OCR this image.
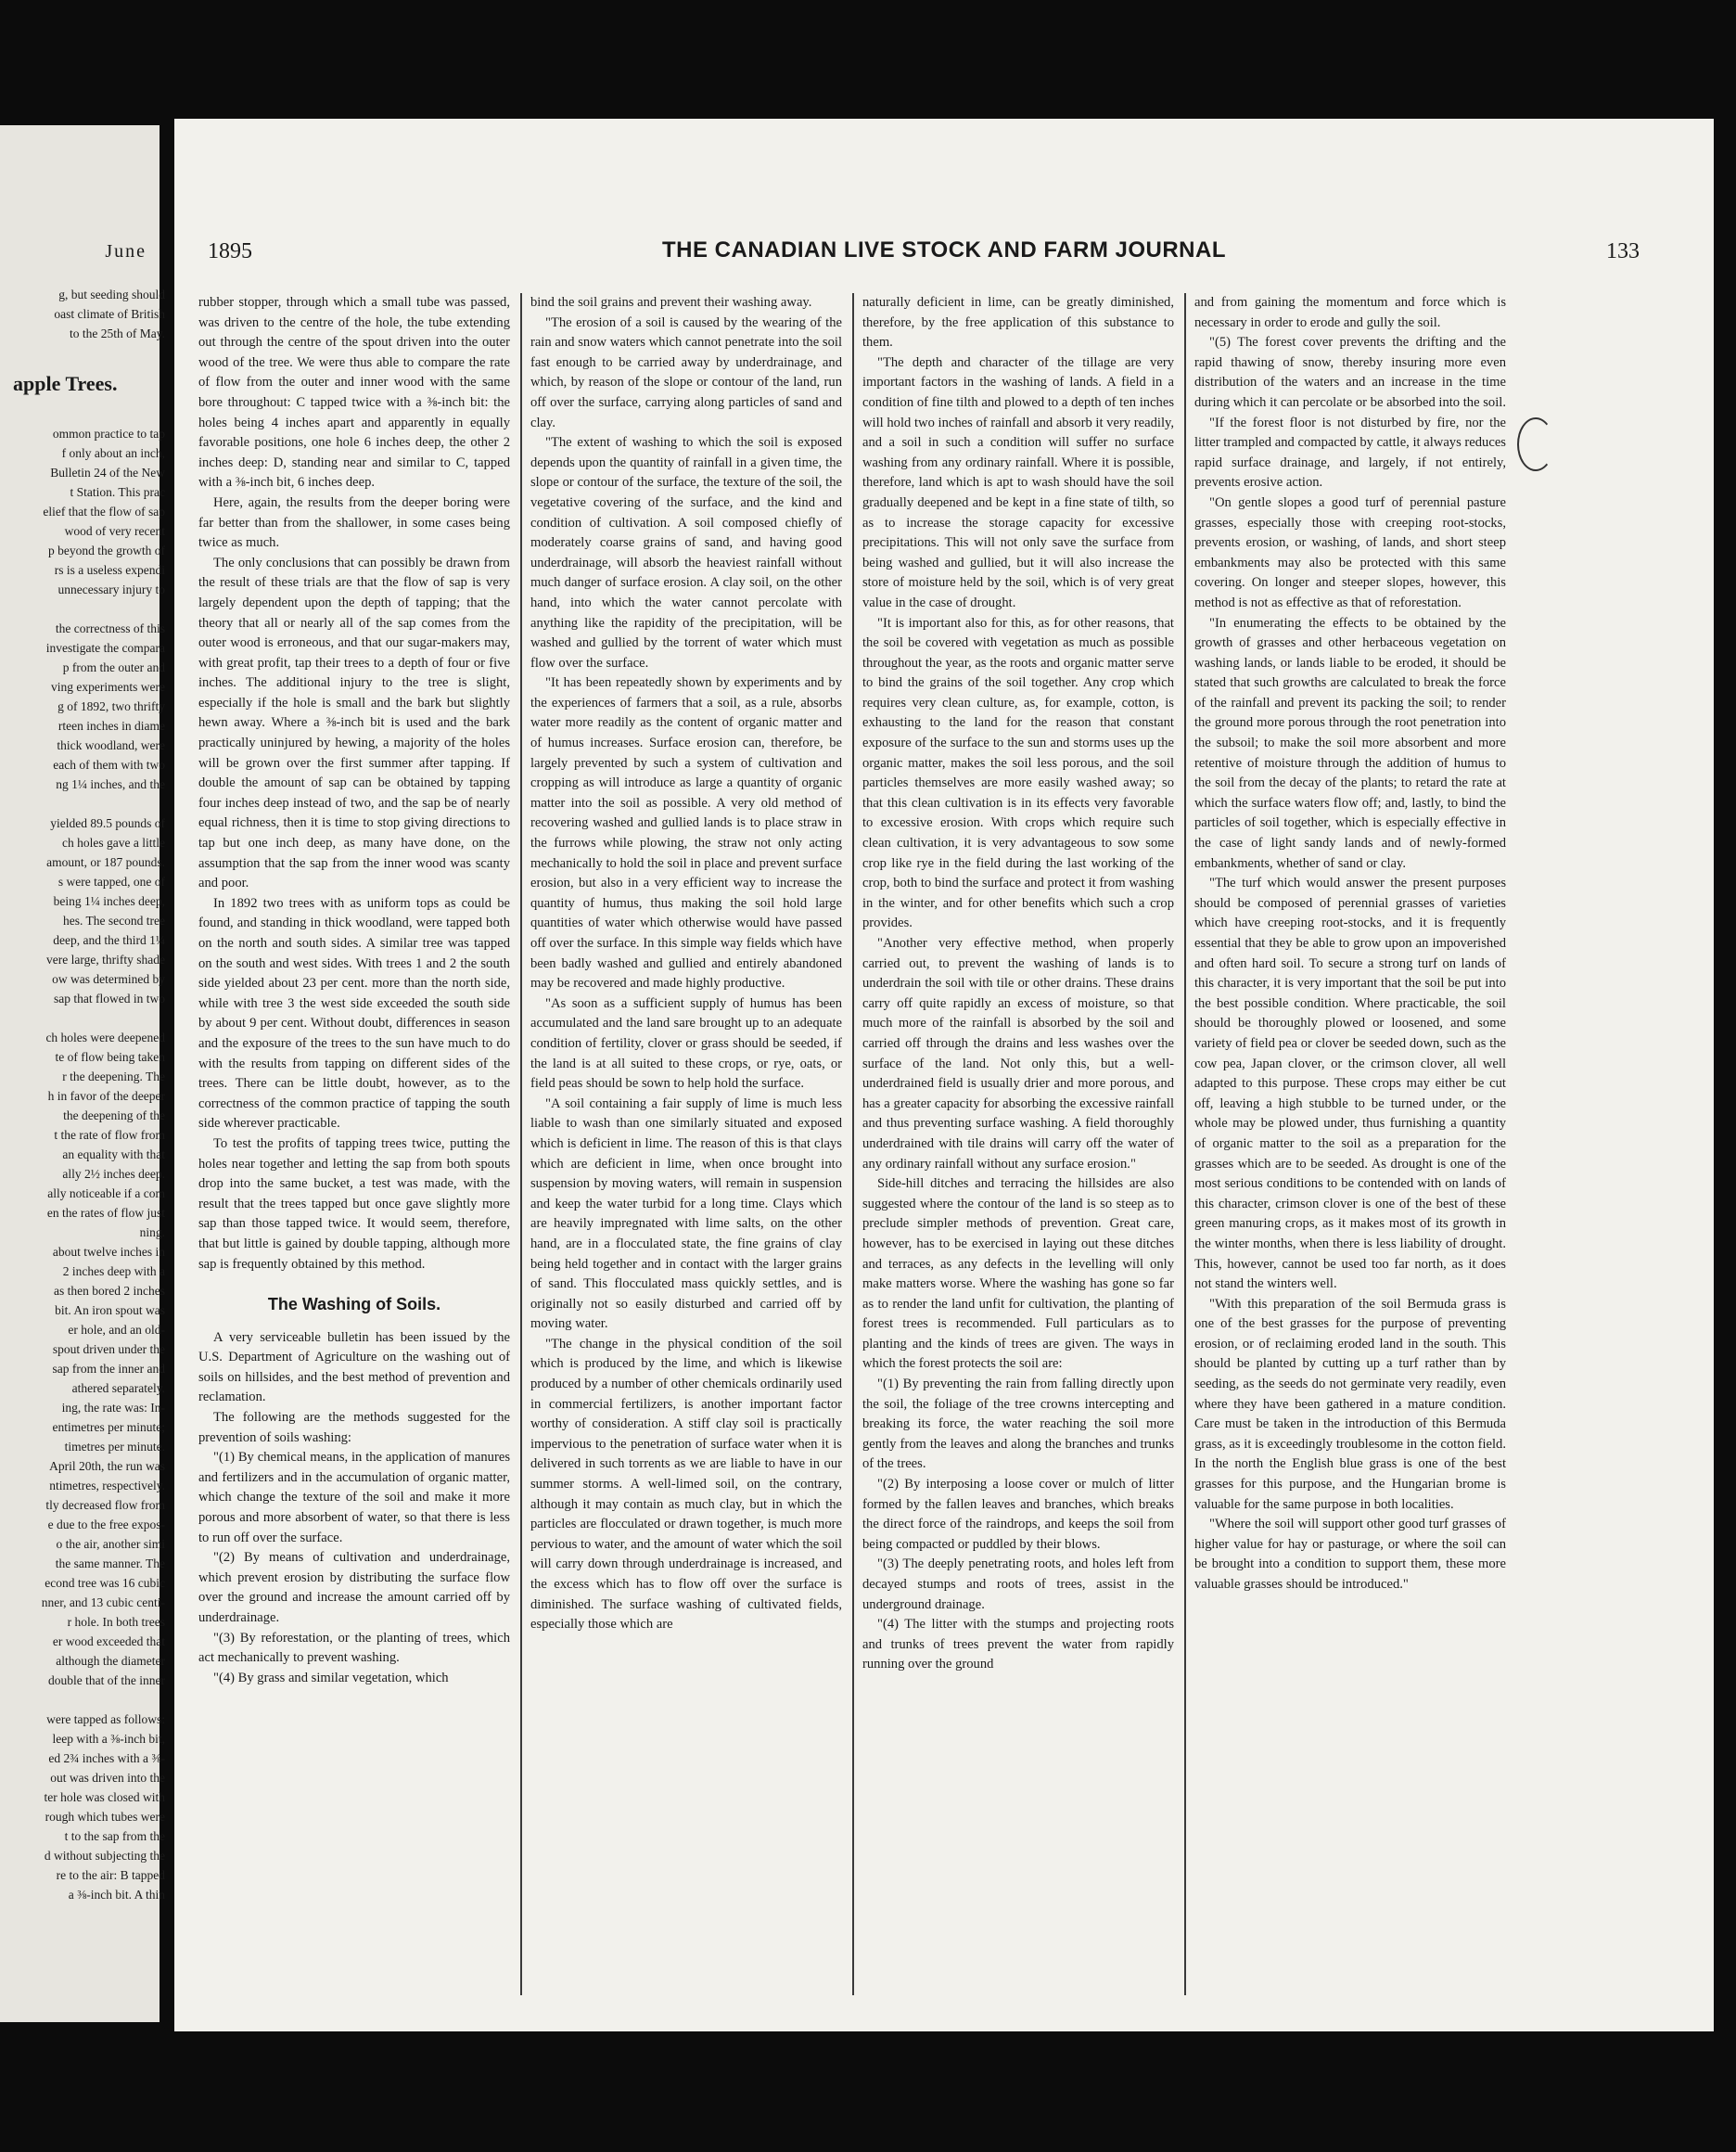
June
g, but seeding should
oast climate of British
to the 25th of May.

apple Trees.

ommon practice to tap
f only about an inch,
Bulletin 24 of the New
t Station. This prac
elief that the flow of sap
wood of very recent
p beyond the growth of
rs is a useless expendi
unnecessary injury to

the correctness of this
investigate the compara
p from the outer and
ving experiments were
g of 1892, two thrifty
rteen inches in diame
thick woodland, were
each of them with two
ng 1¼ inches, and the

yielded 89.5 pounds of
ch holes gave a little
amount, or 187 pounds.
s were tapped, one of
being 1¼ inches deep,
hes. The second tree
deep, and the third 1¼
vere large, thrifty shade
ow was determined by
sap that flowed in two

ch holes were deepened
te of flow being taken
r the deepening. The
h in favor of the deeper
the deepening of the
t the rate of flow from
an equality with that
ally 2½ inches deep.
ally noticeable if a com
en the rates of flow just
ning.
about twelve inches in
2 inches deep with a
as then bored 2 inches
bit. An iron spout was
er hole, and an old-
spout driven under the
sap from the inner and
athered separately.
ing, the rate was: In-
entimetres per minute;
timetres per minute.
April 20th, the run was
ntimetres, respectively.
tly decreased flow from
e due to the free expos-
o the air, another simi
the same manner. The
econd tree was 16 cubic
nner, and 13 cubic centi-
r hole. In both trees
er wood exceeded that
although the diameter
double that of the inner

were tapped as follows:
leep with a ⅜-inch bit,
ed 2¾ inches with a ⅜-
out was driven into the
ter hole was closed with
rough which tubes were
t to the sap from the
d without subjecting the
re to the air: B tapped
a ⅜-inch bit. A thin
1895	THE CANADIAN LIVE STOCK AND FARM JOURNAL	133

rubber stopper, through which a small tube was passed, was driven to the centre of the hole, the tube extending out through the centre of the spout driven into the outer wood of the tree. We were thus able to compare the rate of flow from the outer and inner wood with the same bore throughout: C tapped twice with a ⅜-inch bit: the holes being 4 inches apart and apparently in equally favorable positions, one hole 6 inches deep, the other 2 inches deep: D, standing near and similar to C, tapped with a ⅜-inch bit, 6 inches deep.

Here, again, the results from the deeper boring were far better than from the shallower, in some cases being twice as much.

The only conclusions that can possibly be drawn from the result of these trials are that the flow of sap is very largely dependent upon the depth of tapping; that the theory that all or nearly all of the sap comes from the outer wood is erroneous, and that our sugar-makers may, with great profit, tap their trees to a depth of four or five inches. The additional injury to the tree is slight, especially if the hole is small and the bark but slightly hewn away. Where a ⅜-inch bit is used and the bark practically uninjured by hewing, a majority of the holes will be grown over the first summer after tapping. If double the amount of sap can be obtained by tapping four inches deep instead of two, and the sap be of nearly equal richness, then it is time to stop giving directions to tap but one inch deep, as many have done, on the assumption that the sap from the inner wood was scanty and poor.

In 1892 two trees with as uniform tops as could be found, and standing in thick woodland, were tapped both on the north and south sides. A similar tree was tapped on the south and west sides. With trees 1 and 2 the south side yielded about 23 per cent. more than the north side, while with tree 3 the west side exceeded the south side by about 9 per cent. Without doubt, differences in season and the exposure of the trees to the sun have much to do with the results from tapping on different sides of the trees. There can be little doubt, however, as to the correctness of the common practice of tapping the south side wherever practicable.

To test the profits of tapping trees twice, putting the holes near together and letting the sap from both spouts drop into the same bucket, a test was made, with the result that the trees tapped but once gave slightly more sap than those tapped twice. It would seem, therefore, that but little is gained by double tapping, although more sap is frequently obtained by this method.

The Washing of Soils.

A very serviceable bulletin has been issued by the U.S. Department of Agriculture on the washing out of soils on hillsides, and the best method of prevention and reclamation.

The following are the methods suggested for the prevention of soils washing:

"(1) By chemical means, in the application of manures and fertilizers and in the accumulation of organic matter, which change the texture of the soil and make it more porous and more absorbent of water, so that there is less to run off over the surface.

"(2) By means of cultivation and underdrainage, which prevent erosion by distributing the surface flow over the ground and increase the amount carried off by underdrainage.

"(3) By reforestation, or the planting of trees, which act mechanically to prevent washing.

"(4) By grass and similar vegetation, which

bind the soil grains and prevent their washing away.

"The erosion of a soil is caused by the wearing of the rain and snow waters which cannot penetrate into the soil fast enough to be carried away by underdrainage, and which, by reason of the slope or contour of the land, run off over the surface, carrying along particles of sand and clay.

"The extent of washing to which the soil is exposed depends upon the quantity of rainfall in a given time, the slope or contour of the surface, the texture of the soil, the vegetative covering of the surface, and the kind and condition of cultivation. A soil composed chiefly of moderately coarse grains of sand, and having good underdrainage, will absorb the heaviest rainfall without much danger of surface erosion. A clay soil, on the other hand, into which the water cannot percolate with anything like the rapidity of the precipitation, will be washed and gullied by the torrent of water which must flow over the surface.

"It has been repeatedly shown by experiments and by the experiences of farmers that a soil, as a rule, absorbs water more readily as the content of organic matter and of humus increases. Surface erosion can, therefore, be largely prevented by such a system of cultivation and cropping as will introduce as large a quantity of organic matter into the soil as possible. A very old method of recovering washed and gullied lands is to place straw in the furrows while plowing, the straw not only acting mechanically to hold the soil in place and prevent surface erosion, but also in a very efficient way to increase the quantity of humus, thus making the soil hold large quantities of water which otherwise would have passed off over the surface. In this simple way fields which have been badly washed and gullied and entirely abandoned may be recovered and made highly productive.

"As soon as a sufficient supply of humus has been accumulated and the land sare brought up to an adequate condition of fertility, clover or grass should be seeded, if the land is at all suited to these crops, or rye, oats, or field peas should be sown to help hold the surface.

"A soil containing a fair supply of lime is much less liable to wash than one similarly situated and exposed which is deficient in lime. The reason of this is that clays which are deficient in lime, when once brought into suspension by moving waters, will remain in suspension and keep the water turbid for a long time. Clays which are heavily impregnated with lime salts, on the other hand, are in a flocculated state, the fine grains of clay being held together and in contact with the larger grains of sand. This flocculated mass quickly settles, and is originally not so easily disturbed and carried off by moving water.

"The change in the physical condition of the soil which is produced by the lime, and which is likewise produced by a number of other chemicals ordinarily used in commercial fertilizers, is another important factor worthy of consideration. A stiff clay soil is practically impervious to the penetration of surface water when it is delivered in such torrents as we are liable to have in our summer storms. A well-limed soil, on the contrary, although it may contain as much clay, but in which the particles are flocculated or drawn together, is much more pervious to water, and the amount of water which the soil will carry down through underdrainage is increased, and the excess which has to flow off over the surface is diminished. The surface washing of cultivated fields, especially those which are

naturally deficient in lime, can be greatly diminished, therefore, by the free application of this substance to them.

"The depth and character of the tillage are very important factors in the washing of lands. A field in a condition of fine tilth and plowed to a depth of ten inches will hold two inches of rainfall and absorb it very readily, and a soil in such a condition will suffer no surface washing from any ordinary rainfall. Where it is possible, therefore, land which is apt to wash should have the soil gradually deepened and be kept in a fine state of tilth, so as to increase the storage capacity for excessive precipitations. This will not only save the surface from being washed and gullied, but it will also increase the store of moisture held by the soil, which is of very great value in the case of drought.

"It is important also for this, as for other reasons, that the soil be covered with vegetation as much as possible throughout the year, as the roots and organic matter serve to bind the grains of the soil together. Any crop which requires very clean culture, as, for example, cotton, is exhausting to the land for the reason that constant exposure of the surface to the sun and storms uses up the organic matter, makes the soil less porous, and the soil particles themselves are more easily washed away; so that this clean cultivation is in its effects very favorable to excessive erosion. With crops which require such clean cultivation, it is very advantageous to sow some crop like rye in the field during the last working of the crop, both to bind the surface and protect it from washing in the winter, and for other benefits which such a crop provides.

"Another very effective method, when properly carried out, to prevent the washing of lands is to underdrain the soil with tile or other drains. These drains carry off quite rapidly an excess of moisture, so that much more of the rainfall is absorbed by the soil and carried off through the drains and less washes over the surface of the land. Not only this, but a well-underdrained field is usually drier and more porous, and has a greater capacity for absorbing the excessive rainfall and thus preventing surface washing. A field thoroughly underdrained with tile drains will carry off the water of any ordinary rainfall without any surface erosion."

Side-hill ditches and terracing the hillsides are also suggested where the contour of the land is so steep as to preclude simpler methods of prevention. Great care, however, has to be exercised in laying out these ditches and terraces, as any defects in the levelling will only make matters worse. Where the washing has gone so far as to render the land unfit for cultivation, the planting of forest trees is recommended. Full particulars as to planting and the kinds of trees are given. The ways in which the forest protects the soil are:

"(1) By preventing the rain from falling directly upon the soil, the foliage of the tree crowns intercepting and breaking its force, the water reaching the soil more gently from the leaves and along the branches and trunks of the trees.

"(2) By interposing a loose cover or mulch of litter formed by the fallen leaves and branches, which breaks the direct force of the raindrops, and keeps the soil from being compacted or puddled by their blows.

"(3) The deeply penetrating roots, and holes left from decayed stumps and roots of trees, assist in the underground drainage.

"(4) The litter with the stumps and projecting roots and trunks of trees prevent the water from rapidly running over the ground

and from gaining the momentum and force which is necessary in order to erode and gully the soil.

"(5) The forest cover prevents the drifting and the rapid thawing of snow, thereby insuring more even distribution of the waters and an increase in the time during which it can percolate or be absorbed into the soil.

"If the forest floor is not disturbed by fire, nor the litter trampled and compacted by cattle, it always reduces rapid surface drainage, and largely, if not entirely, prevents erosive action.

"On gentle slopes a good turf of perennial pasture grasses, especially those with creeping root-stocks, prevents erosion, or washing, of lands, and short steep embankments may also be protected with this same covering. On longer and steeper slopes, however, this method is not as effective as that of reforestation.

"In enumerating the effects to be obtained by the growth of grasses and other herbaceous vegetation on washing lands, or lands liable to be eroded, it should be stated that such growths are calculated to break the force of the rainfall and prevent its packing the soil; to render the ground more porous through the root penetration into the subsoil; to make the soil more absorbent and more retentive of moisture through the addition of humus to the soil from the decay of the plants; to retard the rate at which the surface waters flow off; and, lastly, to bind the particles of soil together, which is especially effective in the case of light sandy lands and of newly-formed embankments, whether of sand or clay.

"The turf which would answer the present purposes should be composed of perennial grasses of varieties which have creeping root-stocks, and it is frequently essential that they be able to grow upon an impoverished and often hard soil. To secure a strong turf on lands of this character, it is very important that the soil be put into the best possible condition. Where practicable, the soil should be thoroughly plowed or loosened, and some variety of field pea or clover be seeded down, such as the cow pea, Japan clover, or the crimson clover, all well adapted to this purpose. These crops may either be cut off, leaving a high stubble to be turned under, or the whole may be plowed under, thus furnishing a quantity of organic matter to the soil as a preparation for the grasses which are to be seeded. As drought is one of the most serious conditions to be contended with on lands of this character, crimson clover is one of the best of these green manuring crops, as it makes most of its growth in the winter months, when there is less liability of drought. This, however, cannot be used too far north, as it does not stand the winters well.

"With this preparation of the soil Bermuda grass is one of the best grasses for the purpose of preventing erosion, or of reclaiming eroded land in the south. This should be planted by cutting up a turf rather than by seeding, as the seeds do not germinate very readily, even where they have been gathered in a mature condition. Care must be taken in the introduction of this Bermuda grass, as it is exceedingly troublesome in the cotton field. In the north the English blue grass is one of the best grasses for this purpose, and the Hungarian brome is valuable for the same purpose in both localities.

"Where the soil will support other good turf grasses of higher value for hay or pasturage, or where the soil can be brought into a condition to support them, these more valuable grasses should be introduced."
